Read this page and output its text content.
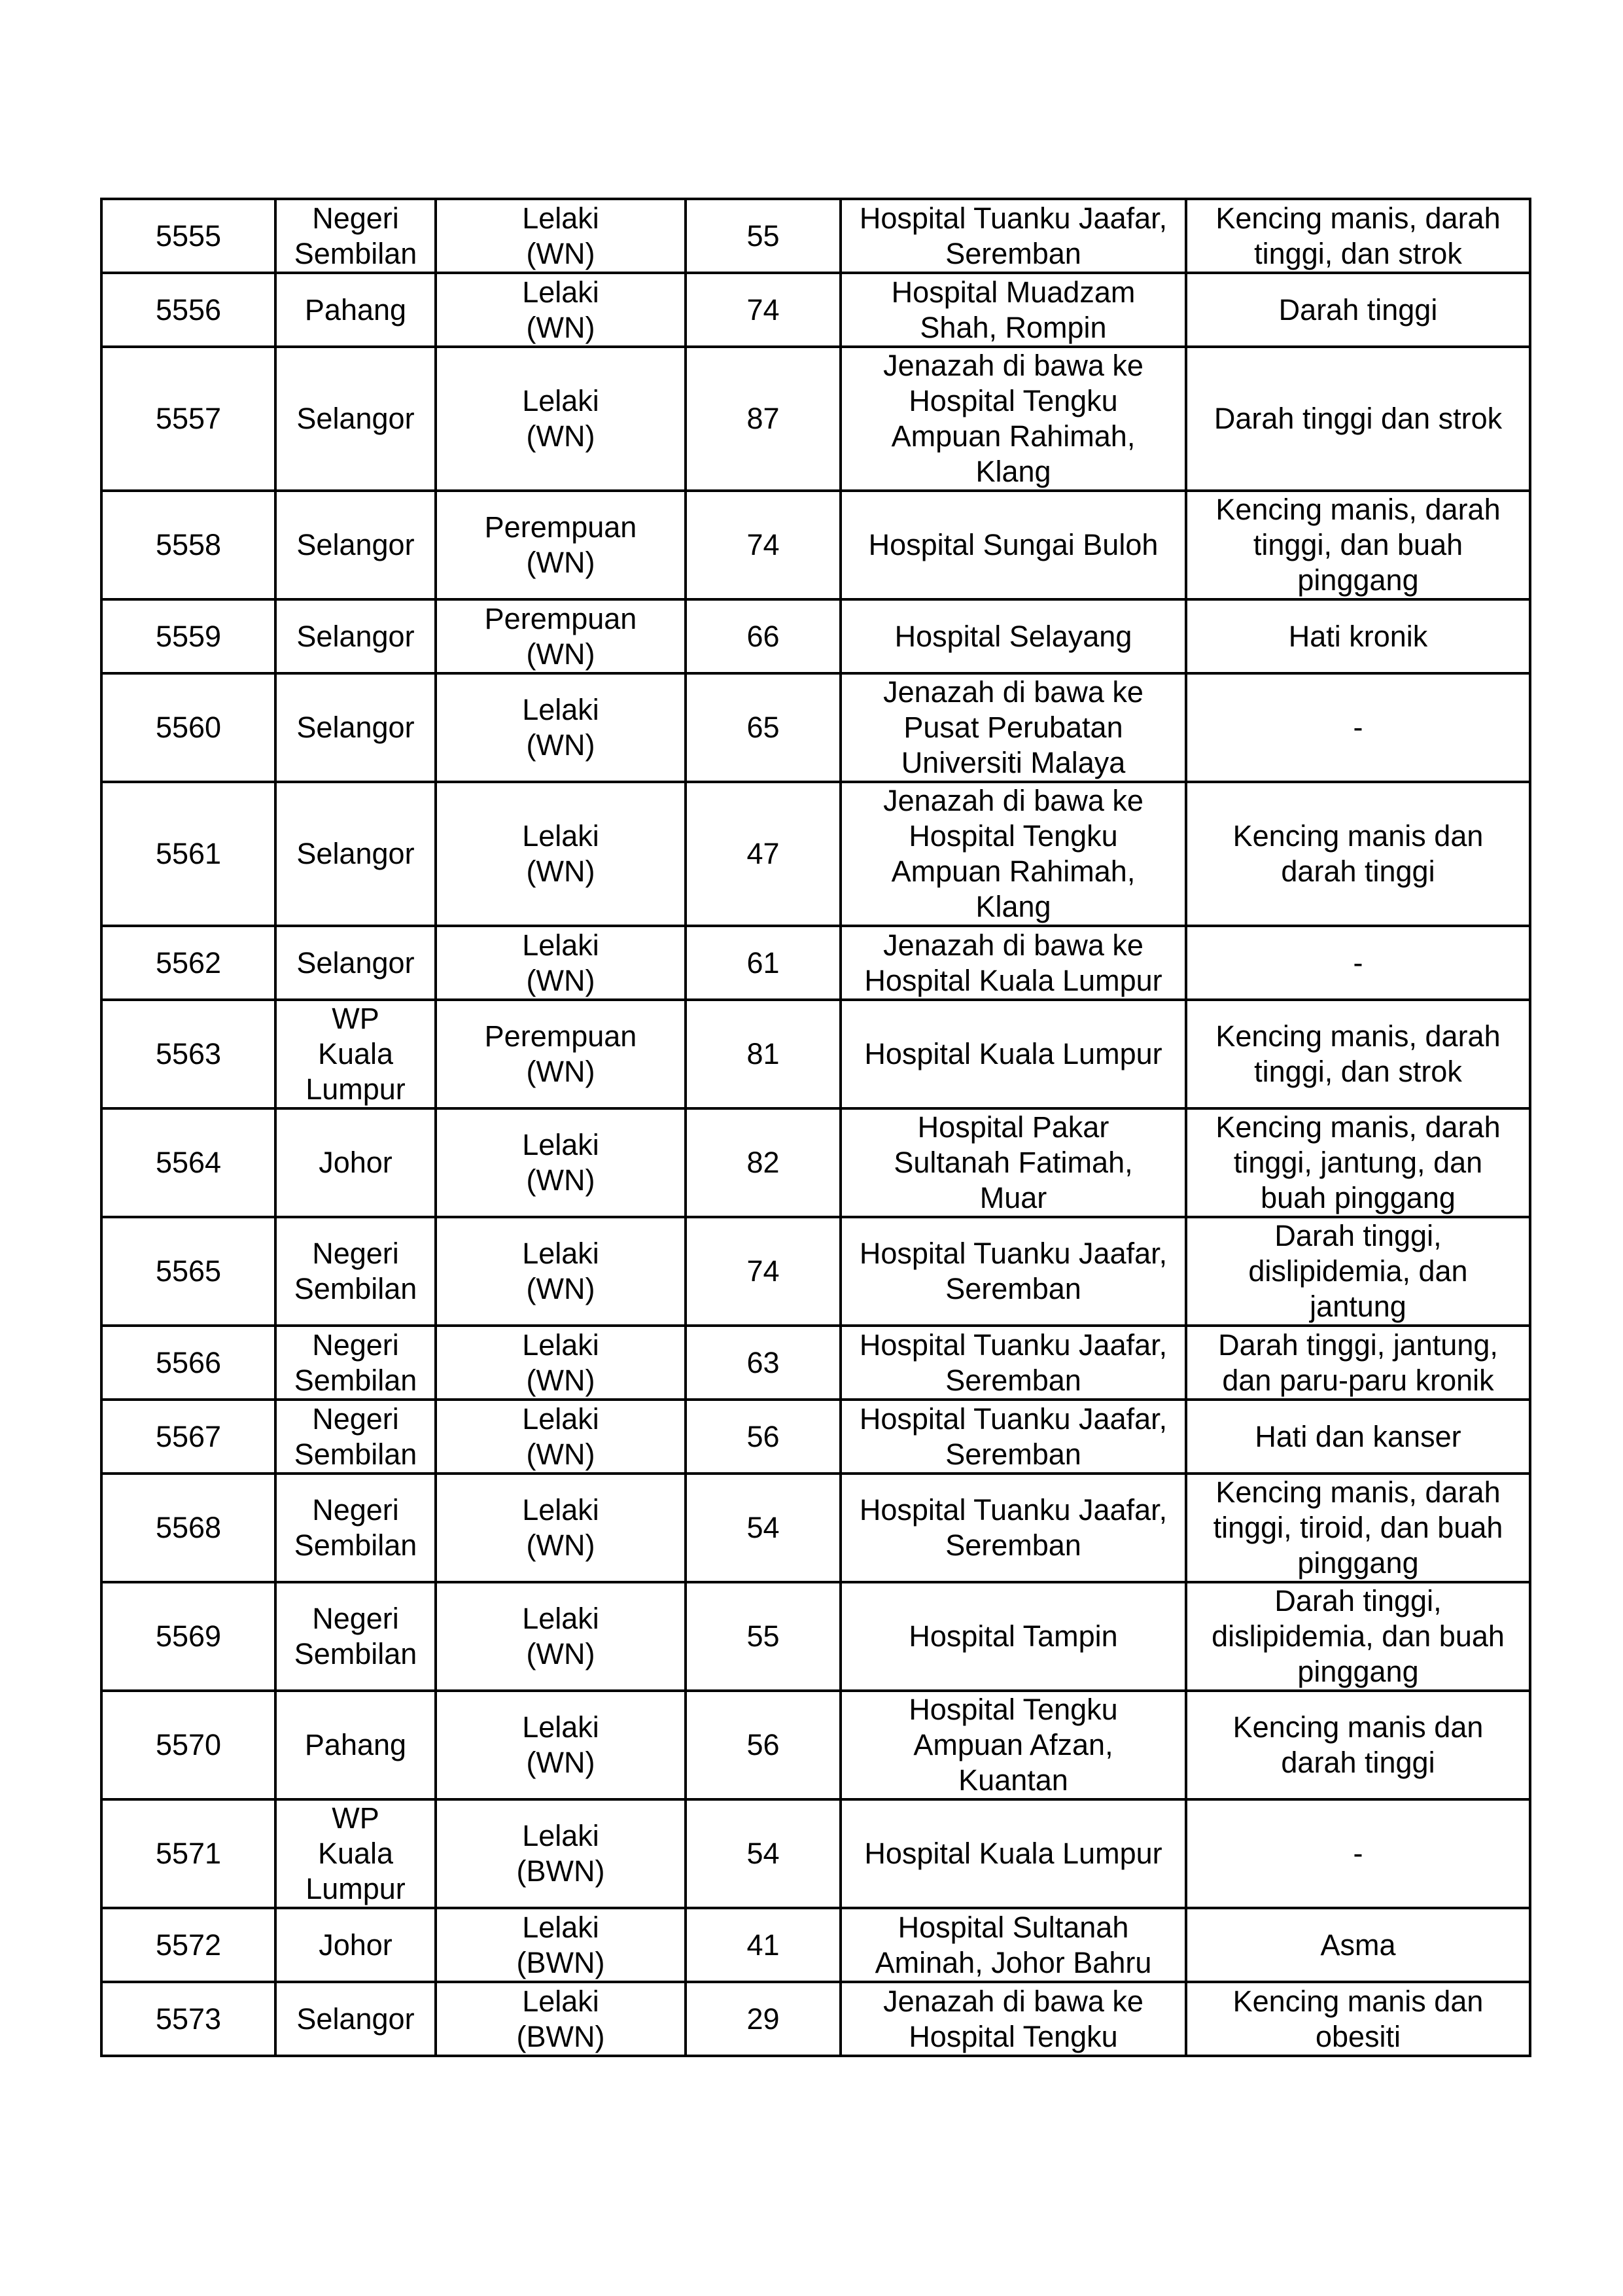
5555	Negeri
Sembilan	Lelaki
(WN)	55	Hospital Tuanku Jaafar,
Seremban	Kencing manis, darah
tinggi, dan strok

5556	Pahang	Lelaki
(WN)	74	Hospital Muadzam
Shah, Rompin	Darah tinggi

5557	Selangor	Lelaki
(WN)	87	Jenazah di bawa ke
Hospital Tengku
Ampuan Rahimah,
Klang	Darah tinggi dan strok

5558	Selangor	Perempuan
(WN)	74	Hospital Sungai Buloh	Kencing manis, darah
tinggi, dan buah
pinggang

5559	Selangor	Perempuan
(WN)	66	Hospital Selayang	Hati kronik

5560	Selangor	Lelaki
(WN)	65	Jenazah di bawa ke
Pusat Perubatan
Universiti Malaya	-

5561	Selangor	Lelaki
(WN)	47	Jenazah di bawa ke
Hospital Tengku
Ampuan Rahimah,
Klang	Kencing manis dan
darah tinggi

5562	Selangor	Lelaki
(WN)	61	Jenazah di bawa ke
Hospital Kuala Lumpur	-

5563	WP
Kuala
Lumpur	Perempuan
(WN)	81	Hospital Kuala Lumpur	Kencing manis, darah
tinggi, dan strok

5564	Johor	Lelaki
(WN)	82	Hospital Pakar
Sultanah Fatimah,
Muar	Kencing manis, darah
tinggi, jantung, dan
buah pinggang

5565	Negeri
Sembilan	Lelaki
(WN)	74	Hospital Tuanku Jaafar,
Seremban	Darah tinggi,
dislipidemia, dan
jantung

5566	Negeri
Sembilan	Lelaki
(WN)	63	Hospital Tuanku Jaafar,
Seremban	Darah tinggi, jantung,
dan paru-paru kronik

5567	Negeri
Sembilan	Lelaki
(WN)	56	Hospital Tuanku Jaafar,
Seremban	Hati dan kanser

5568	Negeri
Sembilan	Lelaki
(WN)	54	Hospital Tuanku Jaafar,
Seremban	Kencing manis, darah
tinggi, tiroid, dan buah
pinggang

5569	Negeri
Sembilan	Lelaki
(WN)	55	Hospital Tampin	Darah tinggi,
dislipidemia, dan buah
pinggang

5570	Pahang	Lelaki
(WN)	56	Hospital Tengku
Ampuan Afzan,
Kuantan	Kencing manis dan
darah tinggi

5571	WP
Kuala
Lumpur	Lelaki
(BWN)	54	Hospital Kuala Lumpur	-

5572	Johor	Lelaki
(BWN)	41	Hospital Sultanah
Aminah, Johor Bahru	Asma

5573	Selangor	Lelaki
(BWN)	29	Jenazah di bawa ke
Hospital Tengku	Kencing manis dan
obesiti
